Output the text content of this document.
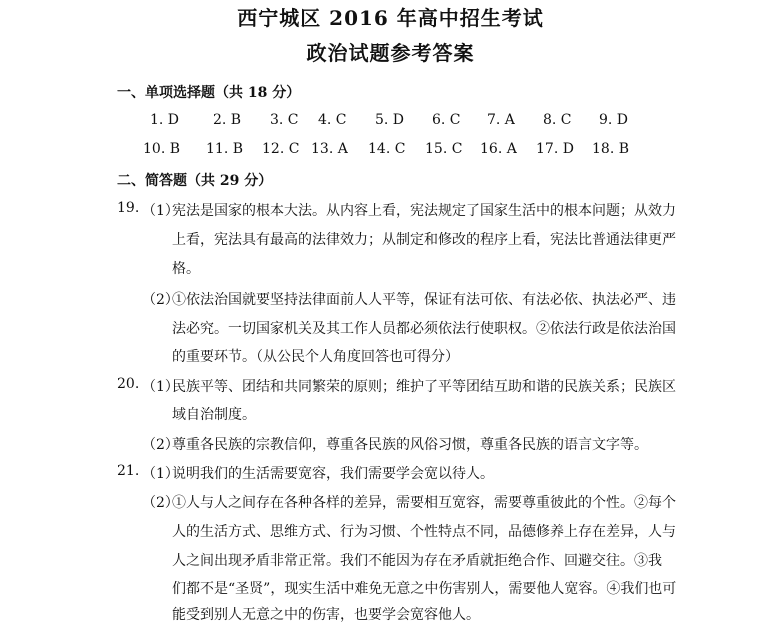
西宁城区 2016 年高中招生考试
政治试题参考答案
一、单项选择题（共 18 分）
1. D 2. B 3. C 4. C 5. D 6. C 7. A 8. C 9. D
10. B 11. B 12. C 13. A 14. C 15. C 16. A 17. D 18. B
二、简答题（共 29 分）
19. （1）
宪法是国家的根本大法。从内容上看，宪法规定了国家生活中的根本问题；从效力
上看，宪法具有最高的法律效力；从制定和修改的程序上看，宪法比普通法律更严
格。
（2）
①依法治国就要坚持法律面前人人平等，保证有法可依、有法必依、执法必严、违
法必究。一切国家机关及其工作人员都必须依法行使职权。②依法行政是依法治国
的重要环节。（从公民个人角度回答也可得分）
20. （1）
民族平等、团结和共同繁荣的原则；维护了平等团结互助和谐的民族关系；民族区
域自治制度。
（2）
尊重各民族的宗教信仰，尊重各民族的风俗习惯，尊重各民族的语言文字等。
21. （1）
说明我们的生活需要宽容，我们需要学会宽以待人。
（2）
①人与人之间存在各种各样的差异，需要相互宽容，需要尊重彼此的个性。②每个
人的生活方式、思维方式、行为习惯、个性特点不同，品德修养上存在差异，人与
人之间出现矛盾非常正常。我们不能因为存在矛盾就拒绝合作、回避交往。③我
们都不是“圣贤”，现实生活中难免无意之中伤害别人，需要他人宽容。④我们也可
能受到别人无意之中的伤害，也要学会宽容他人。
